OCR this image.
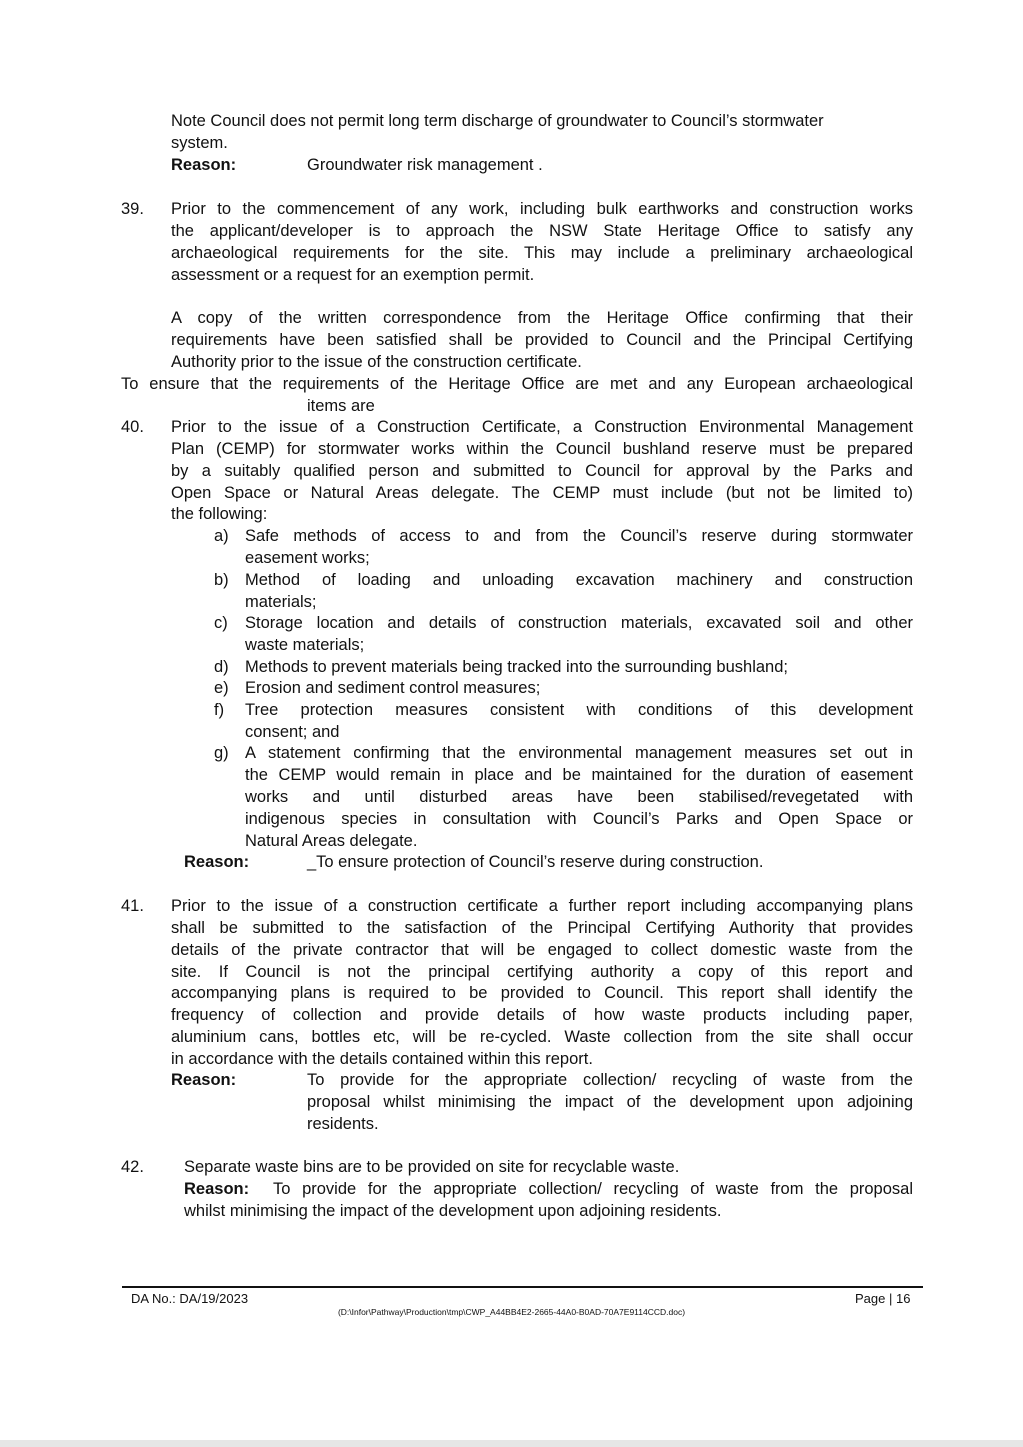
Note Council does not permit long term discharge of groundwater to Council’s stormwater
system.
Reason:	Groundwater risk management .
39. Prior to the commencement of any work, including bulk earthworks and construction works
the applicant/developer is to approach the NSW State Heritage Office to satisfy any
archaeological requirements for the site. This may include a preliminary archaeological
assessment or a request for an exemption permit.
A copy of the written correspondence from the Heritage Office confirming that their
requirements have been satisfied shall be provided to Council and the Principal Certifying
Authority prior to the issue of the construction certificate.
To ensure that the requirements of the Heritage Office are met and any European archaeological
items are
40. Prior to the issue of a Construction Certificate, a Construction Environmental Management
Plan (CEMP) for stormwater works within the Council bushland reserve must be prepared
by a suitably qualified person and submitted to Council for approval by the Parks and
Open Space or Natural Areas delegate. The CEMP must include (but not be limited to)
the following:
a) Safe methods of access to and from the Council’s reserve during stormwater
easement works;
b) Method of loading and unloading excavation machinery and construction
materials;
c) Storage location and details of construction materials, excavated soil and other
waste materials;
d) Methods to prevent materials being tracked into the surrounding bushland;
e) Erosion and sediment control measures;
f) Tree protection measures consistent with conditions of this development
consent; and
g) A statement confirming that the environmental management measures set out in
the CEMP would remain in place and be maintained for the duration of easement
works and until disturbed areas have been stabilised/revegetated with
indigenous species in consultation with Council’s Parks and Open Space or
Natural Areas delegate.
Reason:	_To ensure protection of Council’s reserve during construction.
41. Prior to the issue of a construction certificate a further report including accompanying plans
shall be submitted to the satisfaction of the Principal Certifying Authority that provides
details of the private contractor that will be engaged to collect domestic waste from the
site. If Council is not the principal certifying authority a copy of this report and
accompanying plans is required to be provided to Council. This report shall identify the
frequency of collection and provide details of how waste products including paper,
aluminium cans, bottles etc, will be re-cycled. Waste collection from the site shall occur
in accordance with the details contained within this report.
Reason:	To provide for the appropriate collection/ recycling of waste from the
proposal whilst minimising the impact of the development upon adjoining
residents.
42. Separate waste bins are to be provided on site for recyclable waste.
Reason: To provide for the appropriate collection/ recycling of waste from the proposal
whilst minimising the impact of the development upon adjoining residents.
DA No.: DA/19/2023	Page | 16
(D:\Infor\Pathway\Production\tmp\CWP_A44BB4E2-2665-44A0-B0AD-70A7E9114CCD.doc)
